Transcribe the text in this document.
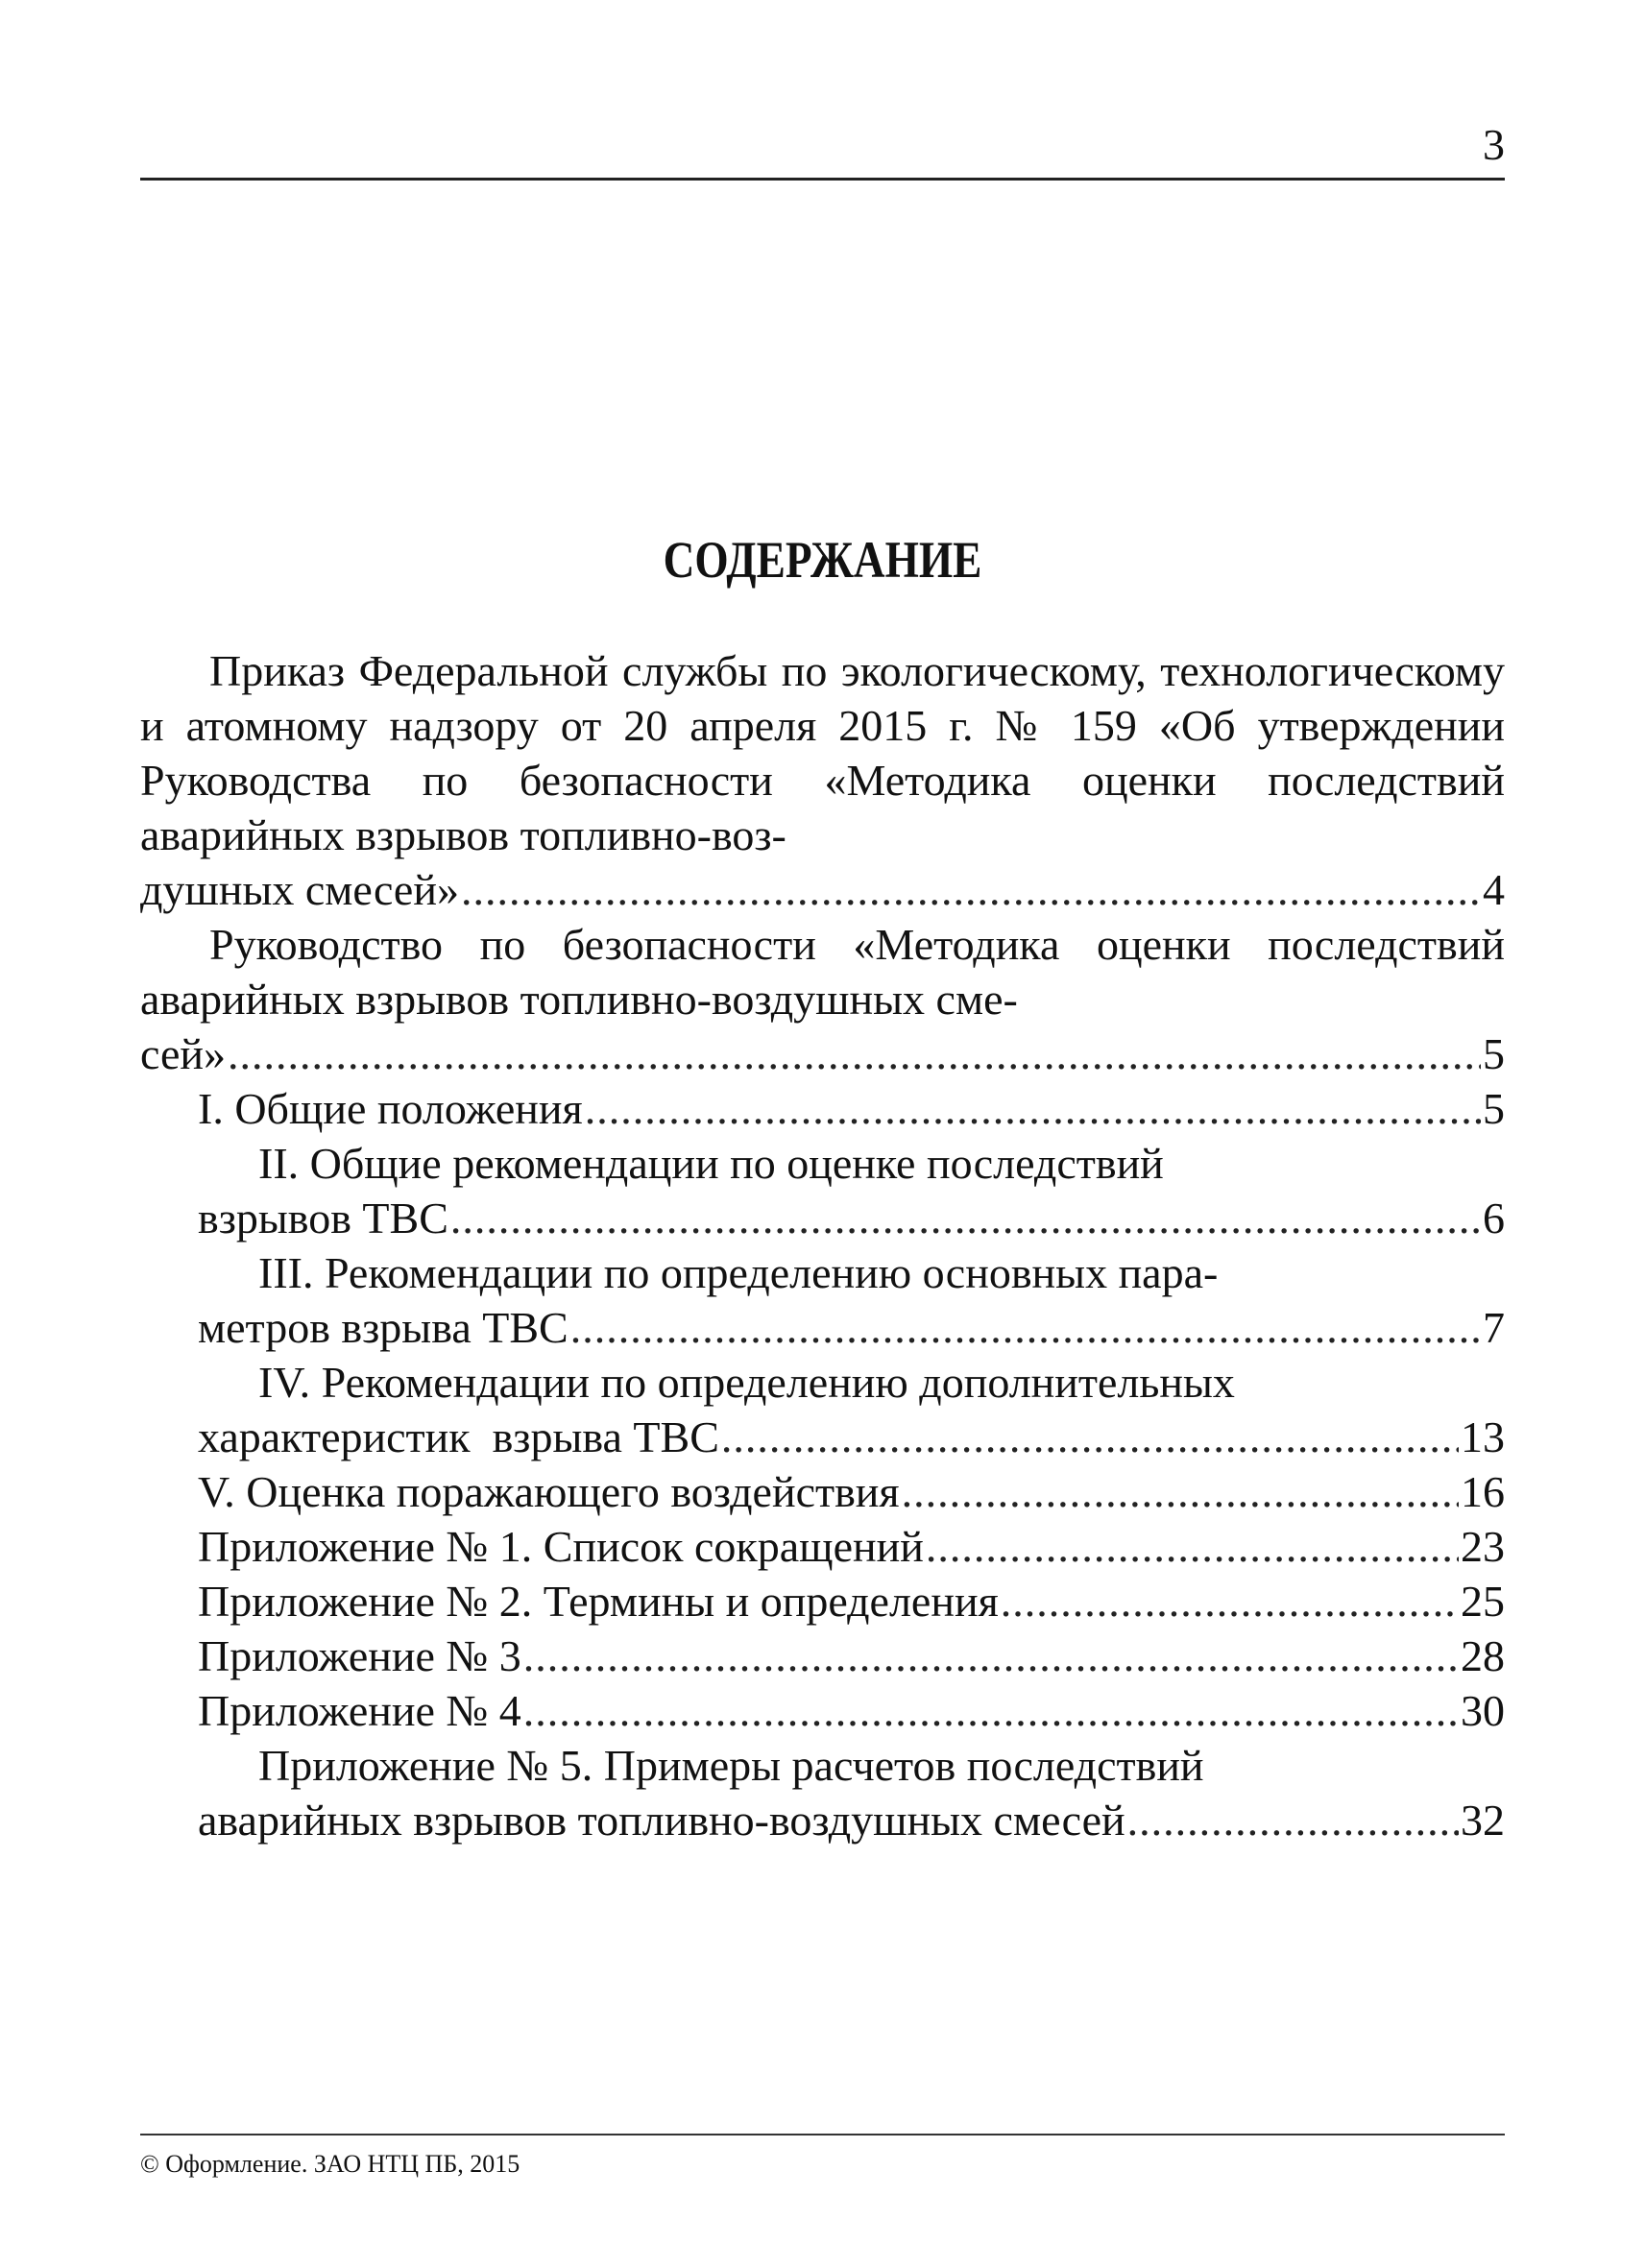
3
СОДЕРЖАНИЕ
Приказ Федеральной службы по экологическому, технологическому и атомному надзору от 20 апреля 2015 г. № 159 «Об утверждении Руководства по безопасности «Методика оценки последствий аварийных взрывов топливно-воз-
душных смесей» .....	4
Руководство по безопасности «Методика оценки последствий аварийных взрывов топливно-воздушных сме-
сей» .....	5
I. Общие положения .....	5
II. Общие рекомендации по оценке последствий
взрывов ТВС .....	6
III. Рекомендации по определению основных пара-
метров взрыва ТВС .....	7
IV. Рекомендации по определению дополнительных
характеристик  взрыва ТВС .....	13
V. Оценка поражающего воздействия .....	16
Приложение № 1. Список сокращений .....	23
Приложение № 2. Термины и определения .....	25
Приложение № 3 .....	28
Приложение № 4 .....	30
Приложение № 5. Примеры расчетов последствий
аварийных взрывов топливно-воздушных смесей .....	32
© Оформление. ЗАО НТЦ ПБ, 2015
